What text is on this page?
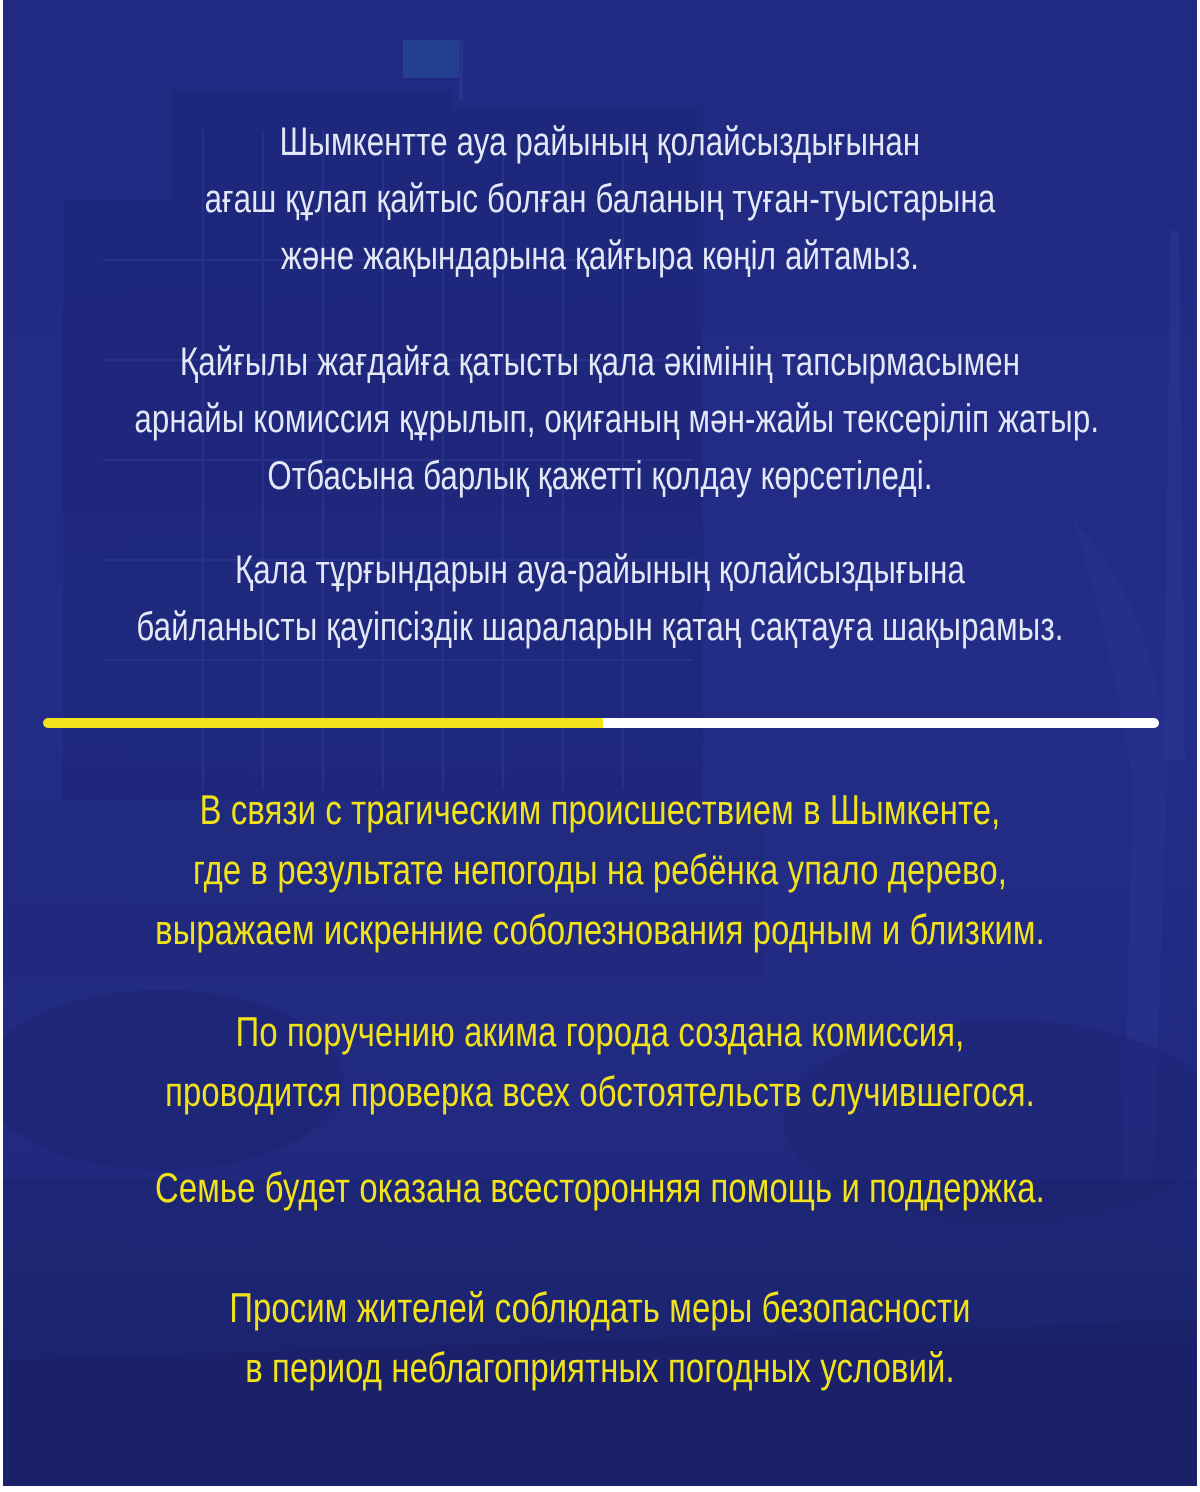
Шымкентте ауа райының қолайсыздығынан
ағаш құлап қайтыс болған баланың туған-туыстарына
және жақындарына қайғыра көңіл айтамыз.
Қайғылы жағдайға қатысты қала әкімінің тапсырмасымен
арнайы комиссия құрылып, оқиғаның мән-жайы тексеріліп жатыр.
Отбасына барлық қажетті қолдау көрсетіледі.
Қала тұрғындарын ауа-райының қолайсыздығына
байланысты қауіпсіздік шараларын қатаң сақтауға шақырамыз.
В связи с трагическим происшествием в Шымкенте,
где в результате непогоды на ребёнка упало дерево,
выражаем искренние соболезнования родным и близким.
По поручению акима города создана комиссия,
проводится проверка всех обстоятельств случившегося.
Семье будет оказана всесторонняя помощь и поддержка.
Просим жителей соблюдать меры безопасности
в период неблагоприятных погодных условий.
